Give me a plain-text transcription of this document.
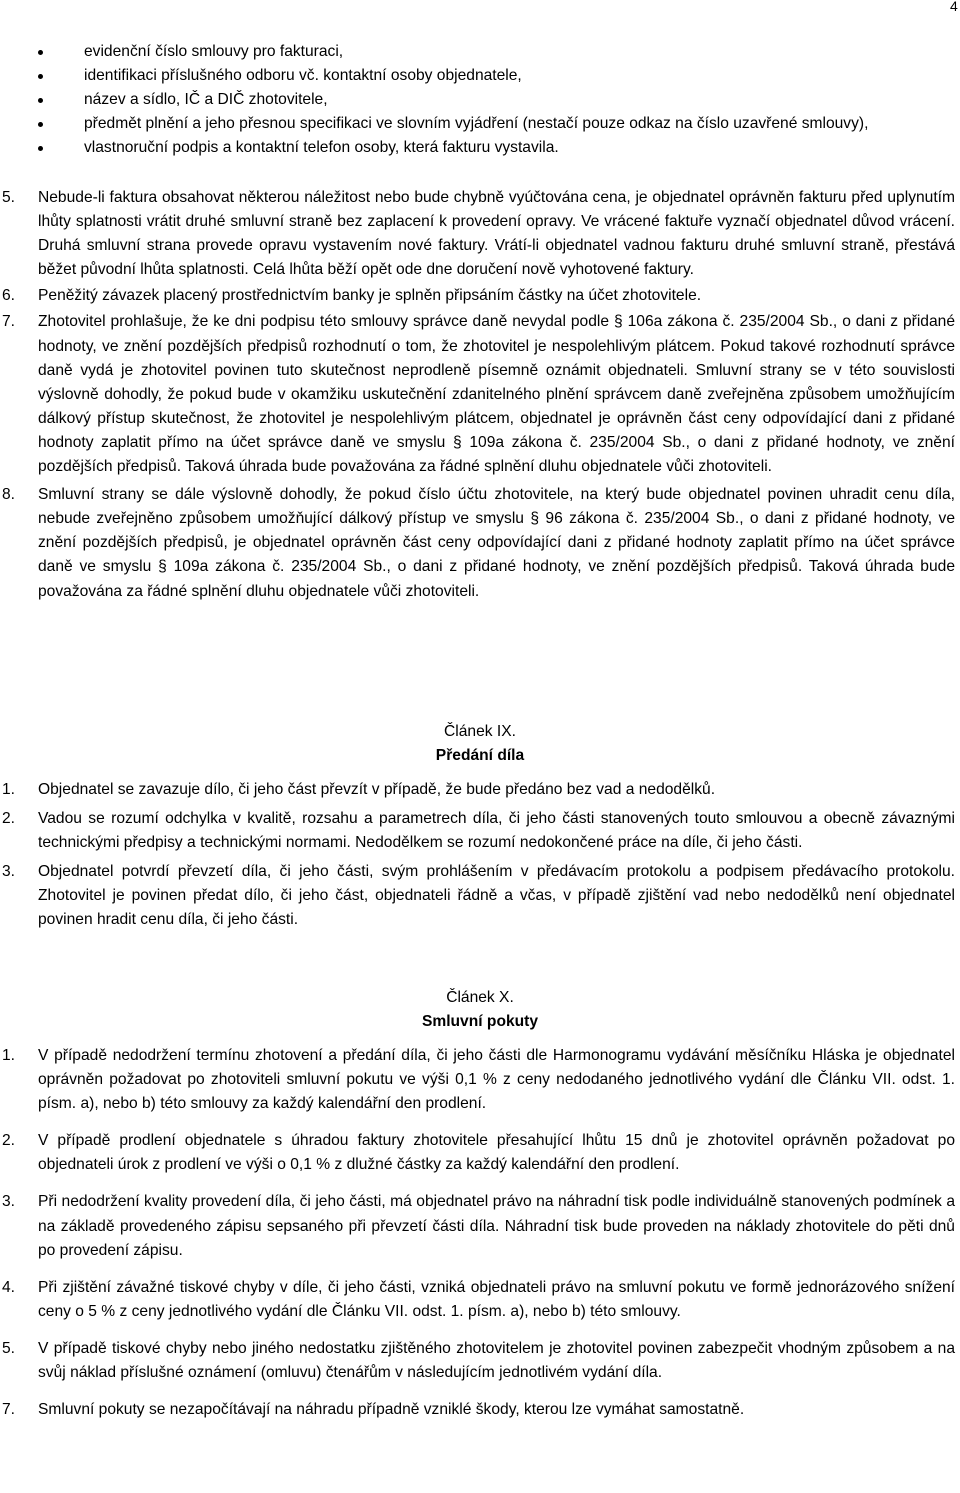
4
evidenční číslo smlouvy pro fakturaci,
identifikaci příslušného odboru vč. kontaktní osoby objednatele,
název a sídlo, IČ a DIČ zhotovitele,
předmět plnění a jeho přesnou specifikaci ve slovním vyjádření (nestačí pouze odkaz na číslo uzavřené smlouvy),
vlastnoruční podpis a kontaktní telefon osoby, která fakturu vystavila.
5. Nebude-li faktura obsahovat některou náležitost nebo bude chybně vyúčtována cena, je objednatel oprávněn fakturu před uplynutím lhůty splatnosti vrátit druhé smluvní straně bez zaplacení k provedení opravy. Ve vrácené faktuře vyznačí objednatel důvod vrácení. Druhá smluvní strana provede opravu vystavením nové faktury. Vrátí-li objednatel vadnou fakturu druhé smluvní straně, přestává běžet původní lhůta splatnosti. Celá lhůta běží opět ode dne doručení nově vyhotovené faktury.
6. Peněžitý závazek placený prostřednictvím banky je splněn připsáním částky na účet zhotovitele.
7. Zhotovitel prohlašuje, že ke dni podpisu této smlouvy správce daně nevydal podle § 106a zákona č. 235/2004 Sb., o dani z přidané hodnoty, ve znění pozdějších předpisů rozhodnutí o tom, že zhotovitel je nespolehlivým plátcem. Pokud takové rozhodnutí správce daně vydá je zhotovitel povinen tuto skutečnost neprodleně písemně oznámit objednateli. Smluvní strany se v této souvislosti výslovně dohodly, že pokud bude v okamžiku uskutečnění zdanitelného plnění správcem daně zveřejněna způsobem umožňujícím dálkový přístup skutečnost, že zhotovitel je nespolehlivým plátcem, objednatel je oprávněn část ceny odpovídající dani z přidané hodnoty zaplatit přímo na účet správce daně ve smyslu § 109a zákona č. 235/2004 Sb., o dani z přidané hodnoty, ve znění pozdějších předpisů. Taková úhrada bude považována za řádné splnění dluhu objednatele vůči zhotoviteli.
8. Smluvní strany se dále výslovně dohodly, že pokud číslo účtu zhotovitele, na který bude objednatel povinen uhradit cenu díla, nebude zveřejněno způsobem umožňující dálkový přístup ve smyslu § 96 zákona č. 235/2004 Sb., o dani z přidané hodnoty, ve znění pozdějších předpisů, je objednatel oprávněn část ceny odpovídající dani z přidané hodnoty zaplatit přímo na účet správce daně ve smyslu § 109a zákona č. 235/2004 Sb., o dani z přidané hodnoty, ve znění pozdějších předpisů. Taková úhrada bude považována za řádné splnění dluhu objednatele vůči zhotoviteli.
Článek IX.
Předání díla
1. Objednatel se zavazuje dílo, či jeho část převzít v případě, že bude předáno bez vad a nedodělků.
2. Vadou se rozumí odchylka v kvalitě, rozsahu a parametrech díla, či jeho části stanovených touto smlouvou a obecně závaznými technickými předpisy a technickými normami. Nedodělkem se rozumí nedokončené práce na díle, či jeho části.
3. Objednatel potvrdí převzetí díla, či jeho části, svým prohlášením v předávacím protokolu a podpisem předávacího protokolu. Zhotovitel je povinen předat dílo, či jeho část, objednateli řádně a včas, v případě zjištění vad nebo nedodělků není objednatel povinen hradit cenu díla, či jeho části.
Článek X.
Smluvní pokuty
1. V případě nedodržení termínu zhotovení a předání díla, či jeho části dle Harmonogramu vydávání měsíčníku Hláska je objednatel oprávněn požadovat po zhotoviteli smluvní pokutu ve výši 0,1 % z ceny nedodaného jednotlivého vydání dle Článku VII. odst. 1. písm. a), nebo b) této smlouvy za každý kalendářní den prodlení.
2. V případě prodlení objednatele s úhradou faktury zhotovitele přesahující lhůtu 15 dnů je zhotovitel oprávněn požadovat po objednateli úrok z prodlení ve výši o 0,1 % z dlužné částky za každý kalendářní den prodlení.
3. Při nedodržení kvality provedení díla, či jeho části, má objednatel právo na náhradní tisk podle individuálně stanovených podmínek a na základě provedeného zápisu sepsaného při převzetí části díla. Náhradní tisk bude proveden na náklady zhotovitele do pěti dnů po provedení zápisu.
4. Při zjištění závažné tiskové chyby v díle, či jeho části, vzniká objednateli právo na smluvní pokutu ve formě jednorázového snížení ceny o 5 % z ceny jednotlivého vydání dle Článku VII. odst. 1. písm. a), nebo b) této smlouvy.
5. V případě tiskové chyby nebo jiného nedostatku zjištěného zhotovitelem je zhotovitel povinen zabezpečit vhodným způsobem a na svůj náklad příslušné oznámení (omluvu) čtenářům v následujícím jednotlivém vydání díla.
7. Smluvní pokuty se nezapočítávají na náhradu případně vzniklé škody, kterou lze vymáhat samostatně.
